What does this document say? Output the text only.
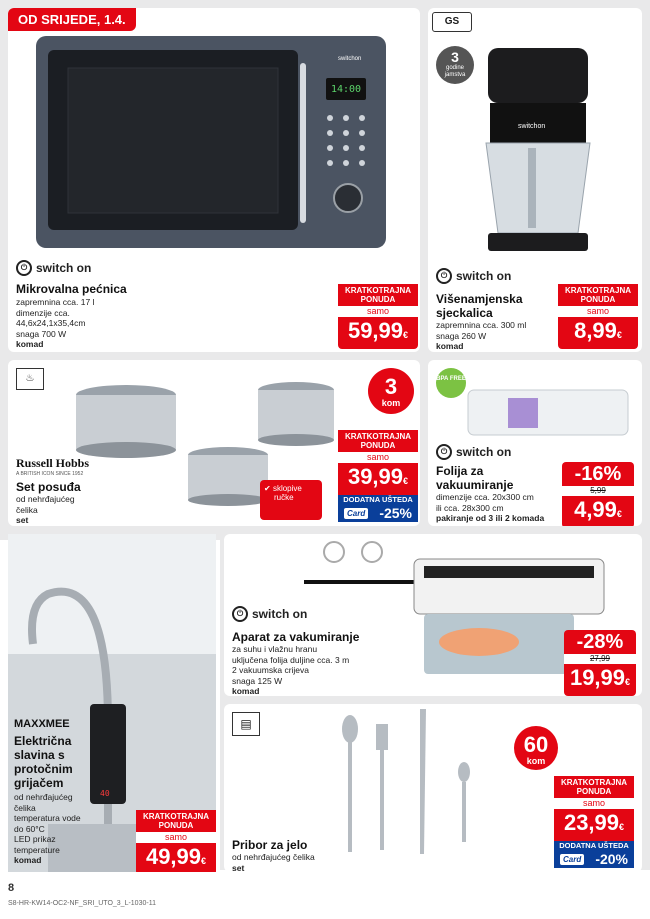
14:00
switchon
OD SRIJEDE, 1.4.
⏻ switch on
Mikrovalna pećnica
zapremnina cca. 17 l
dimenzije cca.
44,6x24,1x35,4cm
snaga 700 W
komad
KRATKOTRAJNA PONUDA
samo
59,99€
switchon
GS
3
godine
jamstva
⏻ switch on
Višenamjenska
sjeckalica
zapremnina cca. 300 ml
snaga 260 W
komad
KRATKOTRAJNA PONUDA
samo
8,99€
♨
Russell Hobbs
A BRITISH ICON SINCE 1952
Set posuđa
od nehrđajućeg
čelika
set
3
kom
✔ sklopive
ručke
KRATKOTRAJNA PONUDA
samo
39,99€
DODATNA UŠTEDA
Card -25%
BPA FREE
⏻ switch on
Folija za
vakuumiranje
dimenzije cca. 20x300 cm
ili cca. 28x300 cm
pakiranje od 3 ili 2 komada
-16%
5,99
4,99€
40
MAXXMEE
Električna
slavina s
protočnim
grijačem
od nehrđajućeg
čelika
temperatura vode
do 60°C
LED prikaz
temperature
komad
KRATKOTRAJNA PONUDA
samo
49,99€
⏻ switch on
Aparat za vakumiranje
za suhu i vlažnu hranu
uključena folija duljine cca. 3 m
2 vakuumska crijeva
snaga 125 W
komad
-28%
27,99
19,99€
▤
Pribor za jelo
od nehrđajućeg čelika
set
60
kom
KRATKOTRAJNA PONUDA
samo
23,99€
DODATNA UŠTEDA
Card -20%
8
S8-HR-KW14-OC2-NF_SRI_UTO_3_L-1030-11
